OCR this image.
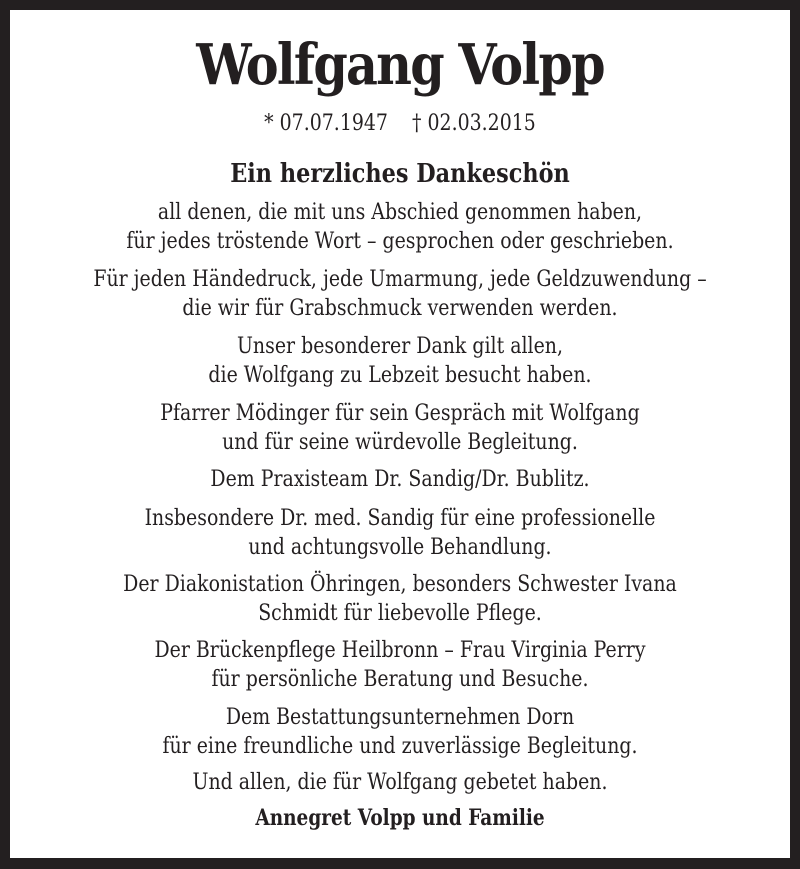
Wolfgang Volpp
* 07.07.1947    † 02.03.2015
Ein herzliches Dankeschön
all denen, die mit uns Abschied genommen haben,
für jedes tröstende Wort – gesprochen oder geschrieben.
Für jeden Händedruck, jede Umarmung, jede Geldzuwendung –
die wir für Grabschmuck verwenden werden.
Unser besonderer Dank gilt allen,
die Wolfgang zu Lebzeit besucht haben.
Pfarrer Mödinger für sein Gespräch mit Wolfgang
und für seine würdevolle Begleitung.
Dem Praxisteam Dr. Sandig/Dr. Bublitz.
Insbesondere Dr. med. Sandig für eine professionelle
und achtungsvolle Behandlung.
Der Diakonistation Öhringen, besonders Schwester Ivana
Schmidt für liebevolle Pflege.
Der Brückenpflege Heilbronn – Frau Virginia Perry
für persönliche Beratung und Besuche.
Dem Bestattungsunternehmen Dorn
für eine freundliche und zuverlässige Begleitung.
Und allen, die für Wolfgang gebetet haben.
Annegret Volpp und Familie
